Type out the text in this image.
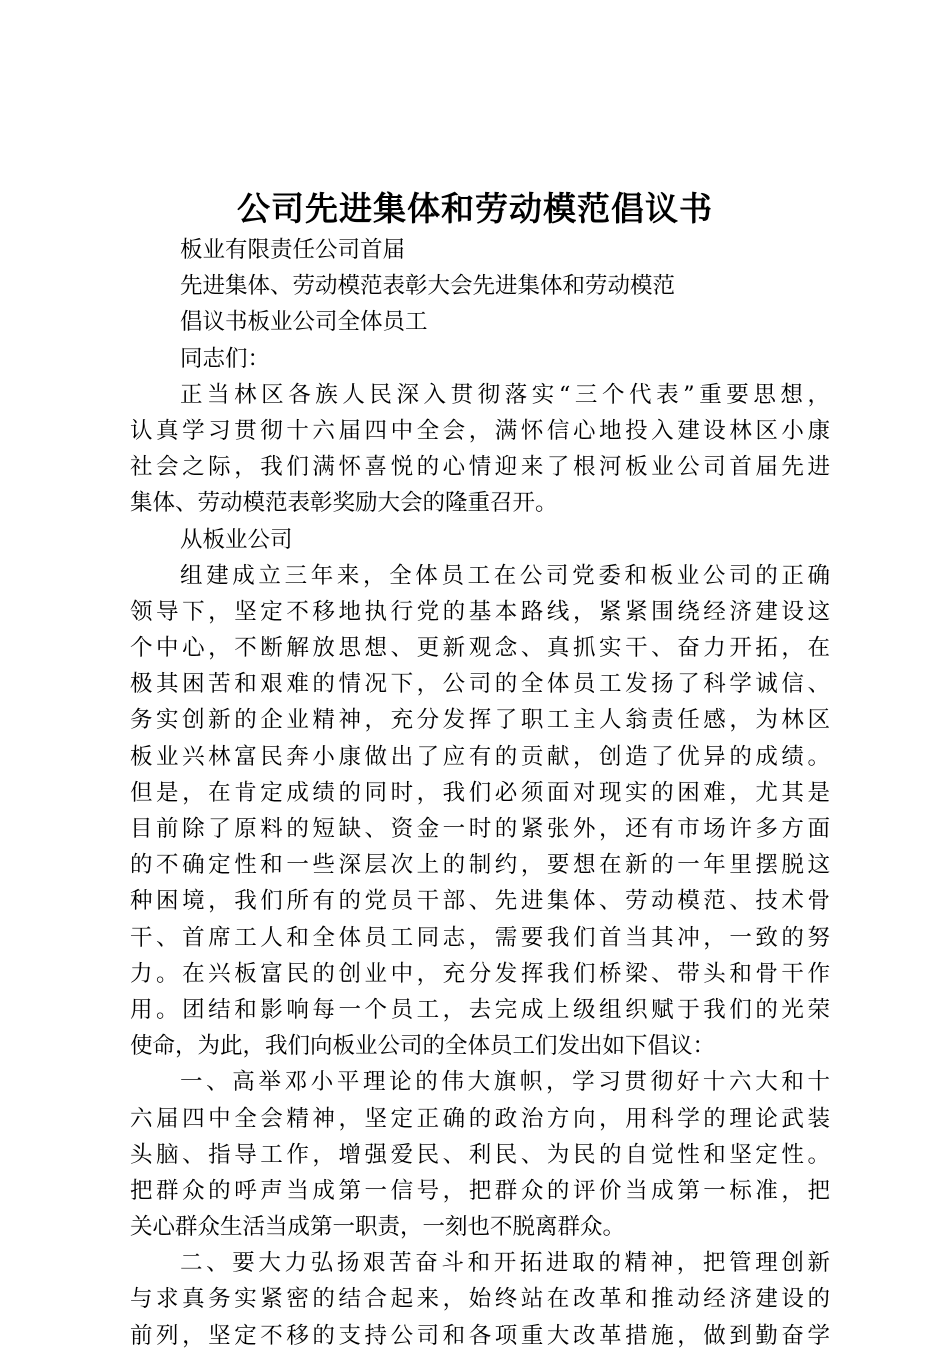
公司先进集体和劳动模范倡议书
板业有限责任公司首届
先进集体、劳动模范表彰大会先进集体和劳动模范
倡议书板业公司全体员工
同志们：
正当林区各族人民深入贯彻落实“三个代表”重要思想，
认真学习贯彻十六届四中全会，满怀信心地投入建设林区小康
社会之际，我们满怀喜悦的心情迎来了根河板业公司首届先进
集体、劳动模范表彰奖励大会的隆重召开。
从板业公司
组建成立三年来，全体员工在公司党委和板业公司的正确
领导下，坚定不移地执行党的基本路线，紧紧围绕经济建设这
个中心，不断解放思想、更新观念、真抓实干、奋力开拓，在
极其困苦和艰难的情况下，公司的全体员工发扬了科学诚信、
务实创新的企业精神，充分发挥了职工主人翁责任感，为林区
板业兴林富民奔小康做出了应有的贡献，创造了优异的成绩。
但是，在肯定成绩的同时，我们必须面对现实的困难，尤其是
目前除了原料的短缺、资金一时的紧张外，还有市场许多方面
的不确定性和一些深层次上的制约，要想在新的一年里摆脱这
种困境，我们所有的党员干部、先进集体、劳动模范、技术骨
干、首席工人和全体员工同志，需要我们首当其冲，一致的努
力。在兴板富民的创业中，充分发挥我们桥梁、带头和骨干作
用。团结和影响每一个员工，去完成上级组织赋于我们的光荣
使命，为此，我们向板业公司的全体员工们发出如下倡议：
一、高举邓小平理论的伟大旗帜，学习贯彻好十六大和十
六届四中全会精神，坚定正确的政治方向，用科学的理论武装
头脑、指导工作，增强爱民、利民、为民的自觉性和坚定性。
把群众的呼声当成第一信号，把群众的评价当成第一标准，把
关心群众生活当成第一职责，一刻也不脱离群众。
二、要大力弘扬艰苦奋斗和开拓进取的精神，把管理创新
与求真务实紧密的结合起来，始终站在改革和推动经济建设的
前列，坚定不移的支持公司和各项重大改革措施，做到勤奋学
